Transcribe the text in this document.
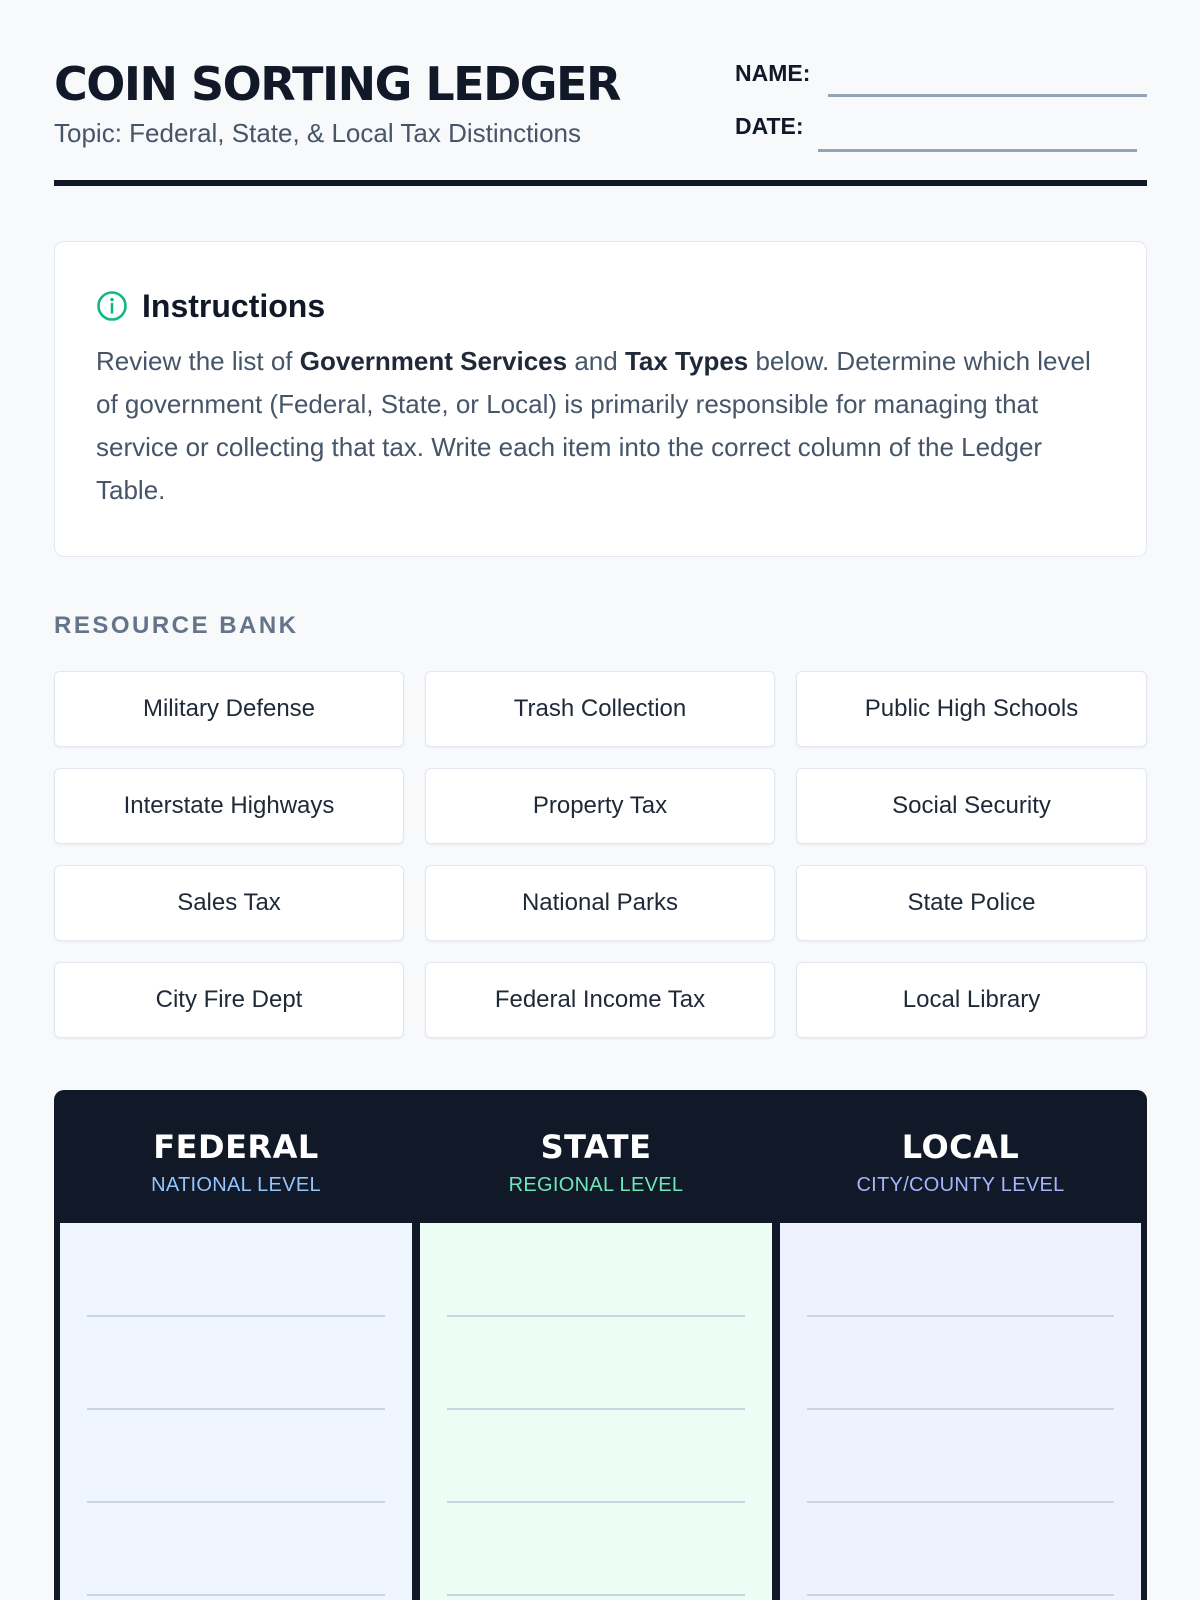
COIN SORTING LEDGER
Topic: Federal, State, & Local Tax Distinctions
NAME:
DATE:
Instructions

Review the list of Government Services and Tax Types below. Determine which level of government (Federal, State, or Local) is primarily responsible for managing that service or collecting that tax. Write each item into the correct column of the Ledger Table.

RESOURCE BANK
Military Defense	Trash Collection	Public High Schools
Interstate Highways	Property Tax	Social Security
Sales Tax	National Parks	State Police
City Fire Dept	Federal Income Tax	Local Library
FEDERAL
NATIONAL LEVEL
STATE
REGIONAL LEVEL
LOCAL
CITY/COUNTY LEVEL
